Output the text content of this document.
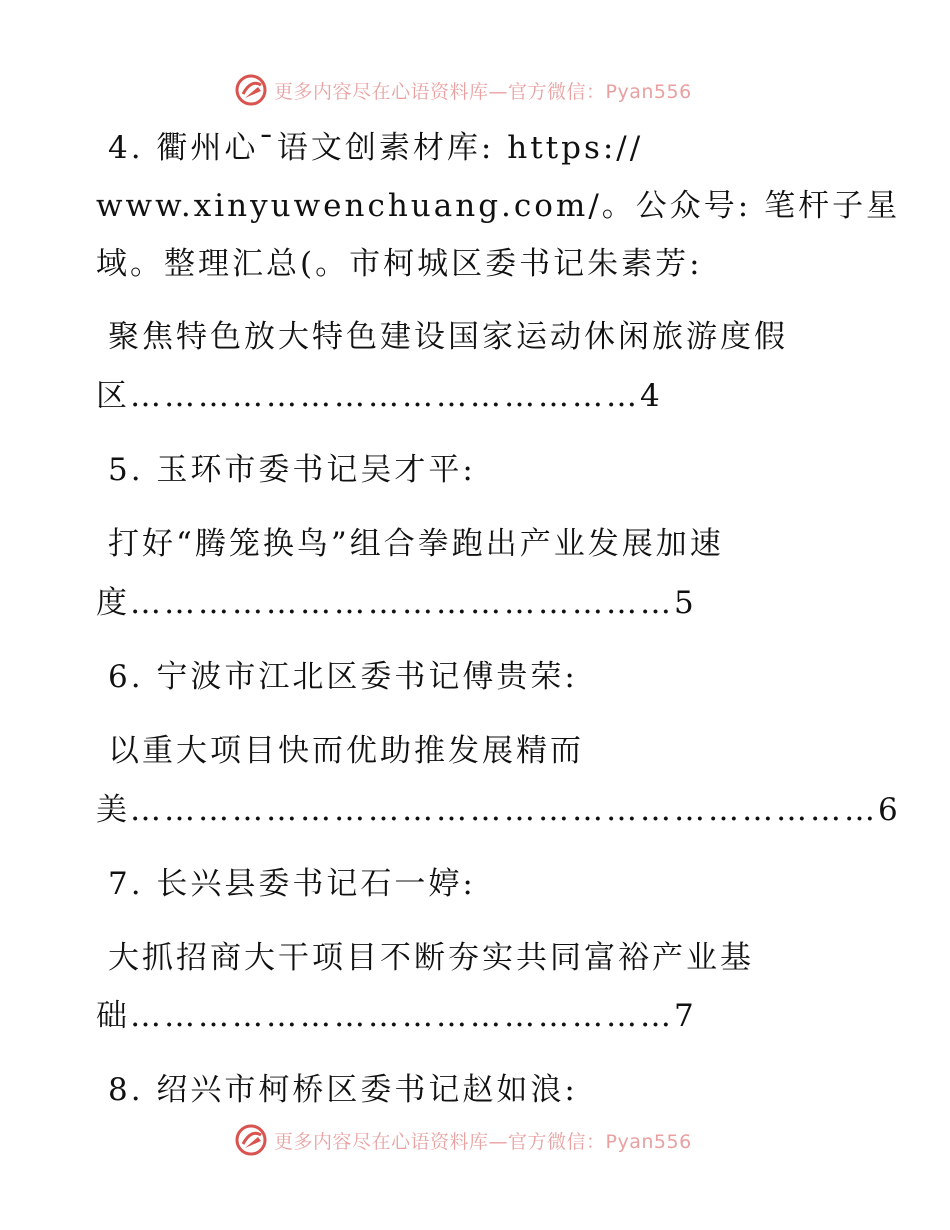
更多内容尽在心语资料库—官方微信：Pyan556
4. 衢州心¯语文创素材库: https://
www.xinyuwenchuang.com/。公众号: 笔杆子星
域。整理汇总(。市柯城区委书记朱素芳:
聚焦特色放大特色建设国家运动休闲旅游度假
区………………………………………4
5. 玉环市委书记吴才平:
打好“腾笼换鸟”组合拳跑出产业发展加速
度…………………………………………5
6. 宁波市江北区委书记傅贵荣:
以重大项目快而优助推发展精而
美…………………………………………………………6
7. 长兴县委书记石一婷:
大抓招商大干项目不断夯实共同富裕产业基
础…………………………………………7
8. 绍兴市柯桥区委书记赵如浪:
更多内容尽在心语资料库—官方微信：Pyan556
